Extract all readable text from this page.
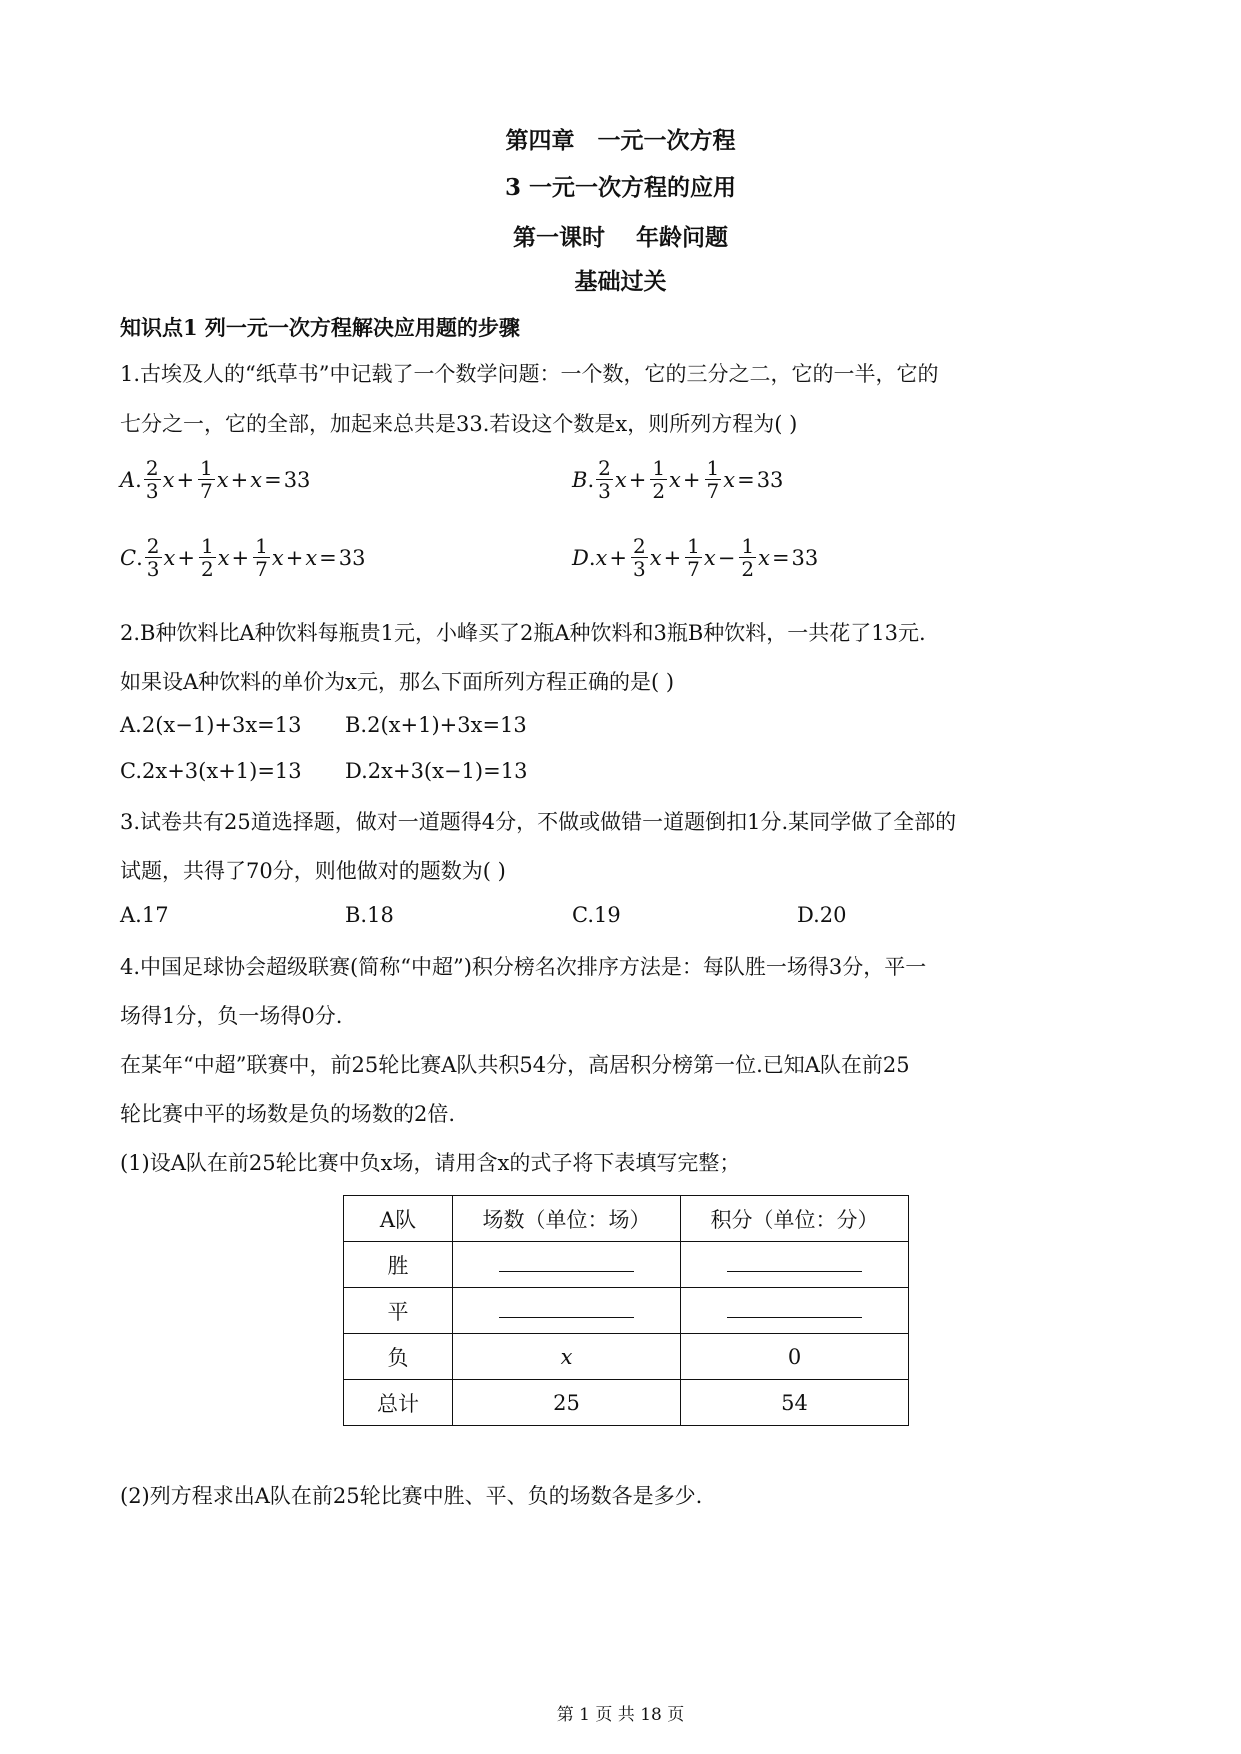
第四章　一元一次方程
3 一元一次方程的应用
第一课时　 年龄问题
基础过关
知识点1 列一元一次方程解决应用题的步骤
1.古埃及人的“纸草书”中记载了一个数学问题：一个数，它的三分之二，它的一半，它的
七分之一，它的全部，加起来总共是33.若设这个数是x，则所列方程为( )
A . $\frac{2}{3}$ $x + \frac{1}{7}$ x + x = 33	B . $\frac{2}{3}$ $x + \frac{1}{2}$ $x + \frac{1}{7}$ x = 33
C . $\frac{2}{3}$ $x + \frac{1}{2}$ $x + \frac{1}{7}$ x + x = 33	D . $x + \frac{2}{3}$ $x + \frac{1}{7}$ $x - \frac{1}{2}$ x = 33
2.B种饮料比A种饮料每瓶贵1元，小峰买了2瓶A种饮料和3瓶B种饮料，一共花了13元.
如果设A种饮料的单价为x元，那么下面所列方程正确的是( )
A.2(x−1)+3x=13 B.2(x+1)+3x=13
C.2x+3(x+1)=13 D.2x+3(x−1)=13
3.试卷共有25道选择题，做对一道题得4分，不做或做错一道题倒扣1分.某同学做了全部的
试题，共得了70分，则他做对的题数为( )
A.17	B.18	C.19	D.20
4.中国足球协会超级联赛(简称“中超”)积分榜名次排序方法是：每队胜一场得3分，平一
场得1分，负一场得0分.
在某年“中超”联赛中，前25轮比赛A队共积54分，高居积分榜第一位.已知A队在前25
轮比赛中平的场数是负的场数的2倍.
(1)设A队在前25轮比赛中负x场，请用含x的式子将下表填写完整；
A队	场数（单位：场）	积分（单位：分）
胜		
平		
负	x	0
总计	25	54
(2)列方程求出A队在前25轮比赛中胜、平、负的场数各是多少.
第 1 页 共 18 页
